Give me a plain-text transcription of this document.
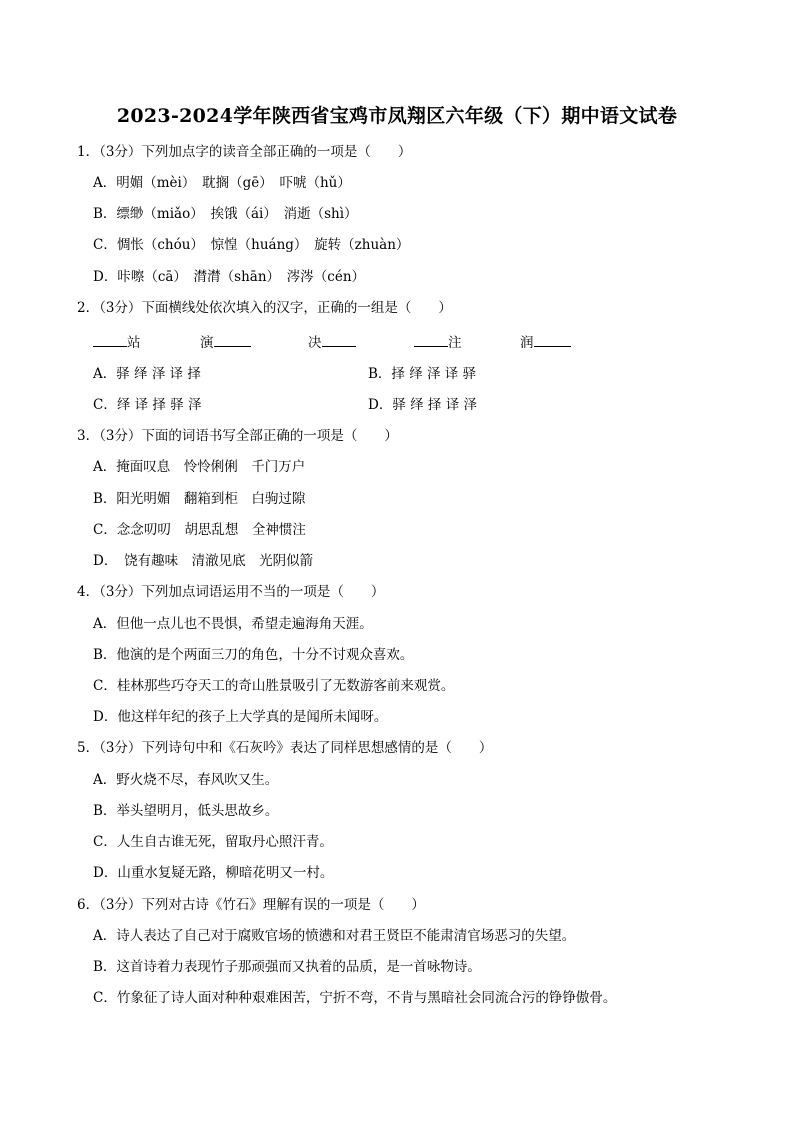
2023-2024学年陕西省宝鸡市凤翔区六年级（下）期中语文试卷
1．（3分）下列加点字的读音全部正确的一项是（　　）
A．明媚（mèi）　耽搁（gē）　吓唬（hǔ）
B．缥缈（miǎo）　挨饿（ái）　消逝（shì）
C．惆怅（chóu）　惊惶（huáng）　旋转（zhuàn）
D．咔嚓（cā）　潸潸（shān）　涔涔（cén）
2．（3分）下面横线处依次填入的汉字，正确的一组是（　　）
站	演	决	注	润
A．驿 绎 泽 译 择	B．择 绎 泽 译 驿
C．绎 译 择 驿 泽	D．驿 绎 择 译 泽
3．（3分）下面的词语书写全部正确的一项是（　　）
A．掩面叹息　怜怜俐俐　千门万户
B．阳光明媚　翻箱到柜　白驹过隙
C．念念叨叨　胡思乱想　全神惯注
D．　饶有趣味　清澈见底　光阴似箭
4．（3分）下列加点词语运用不当的一项是（　　）
A．但他一点儿也不畏惧，希望走遍海角天涯。
B．他演的是个两面三刀的角色，十分不讨观众喜欢。
C．桂林那些巧夺天工的奇山胜景吸引了无数游客前来观赏。
D．他这样年纪的孩子上大学真的是闻所未闻呀。
5．（3分）下列诗句中和《石灰吟》表达了同样思想感情的是（　　）
A．野火烧不尽，春风吹又生。
B．举头望明月，低头思故乡。
C．人生自古谁无死，留取丹心照汗青。
D．山重水复疑无路，柳暗花明又一村。
6．（3分）下列对古诗《竹石》理解有误的一项是（　　）
A．诗人表达了自己对于腐败官场的愤懑和对君王贤臣不能肃清官场恶习的失望。
B．这首诗着力表现竹子那顽强而又执着的品质，是一首咏物诗。
C．竹象征了诗人面对种种艰难困苦，宁折不弯，不肯与黑暗社会同流合污的铮铮傲骨。
